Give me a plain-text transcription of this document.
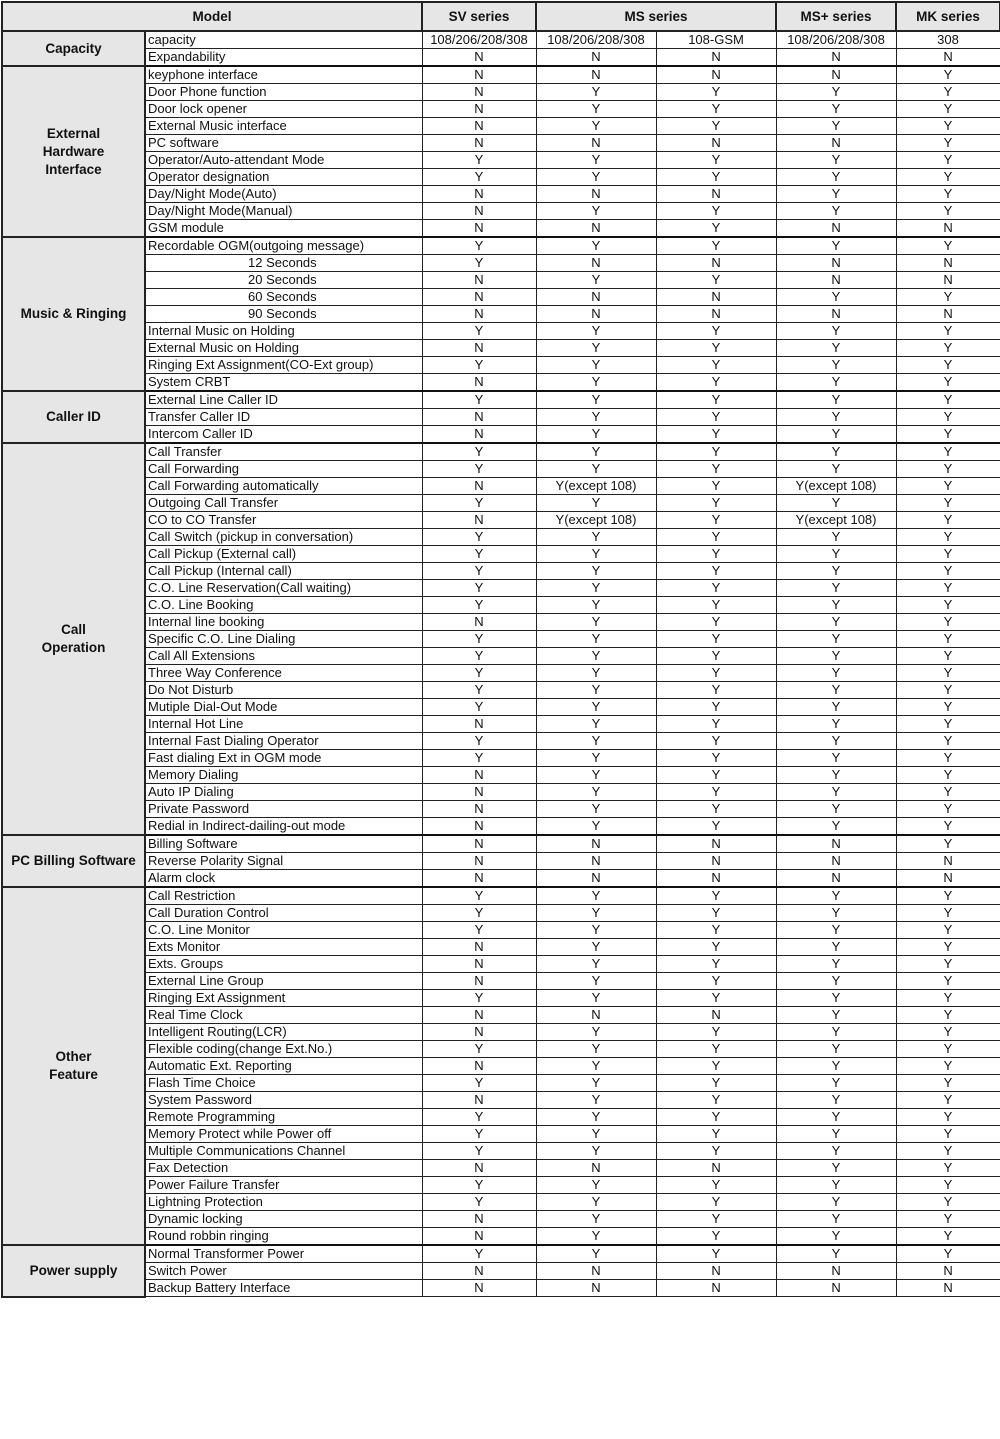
Model		SV series	MS series		MS+ series	MK series
Capacity	capacity	108/206/208/308	108/206/208/308	108-GSM	108/206/208/308	308
	Expandability	N	N	N	N	N
External Hardware Interface	keyphone interface	N	N	N	N	Y
	Door Phone function	N	Y	Y	Y	Y
	Door lock opener	N	Y	Y	Y	Y
	External Music interface	N	Y	Y	Y	Y
	PC software	N	N	N	N	Y
	Operator/Auto-attendant Mode	Y	Y	Y	Y	Y
	Operator designation	Y	Y	Y	Y	Y
	Day/Night Mode(Auto)	N	N	N	Y	Y
	Day/Night Mode(Manual)	N	Y	Y	Y	Y
	GSM module	N	N	Y	N	N
Music & Ringing	Recordable OGM(outgoing message)	Y	Y	Y	Y	Y
	12 Seconds	Y	N	N	N	N
	20 Seconds	N	Y	Y	N	N
	60 Seconds	N	N	N	Y	Y
	90 Seconds	N	N	N	N	N
	Internal Music on Holding	Y	Y	Y	Y	Y
	External Music on Holding	N	Y	Y	Y	Y
	Ringing Ext Assignment(CO-Ext group)	Y	Y	Y	Y	Y
	System CRBT	N	Y	Y	Y	Y
Caller ID	External Line Caller ID	Y	Y	Y	Y	Y
	Transfer Caller ID	N	Y	Y	Y	Y
	Intercom Caller ID	N	Y	Y	Y	Y
Call Operation	Call Transfer	Y	Y	Y	Y	Y
	Call Forwarding	Y	Y	Y	Y	Y
	Call Forwarding automatically	N	Y(except 108)	Y	Y(except 108)	Y
	Outgoing Call Transfer	Y	Y	Y	Y	Y
	CO to CO Transfer	N	Y(except 108)	Y	Y(except 108)	Y
	Call Switch (pickup in conversation)	Y	Y	Y	Y	Y
	Call Pickup (External call)	Y	Y	Y	Y	Y
	Call Pickup (Internal call)	Y	Y	Y	Y	Y
	C.O. Line Reservation(Call waiting)	Y	Y	Y	Y	Y
	C.O. Line Booking	Y	Y	Y	Y	Y
	Internal line booking	N	Y	Y	Y	Y
	Specific C.O. Line Dialing	Y	Y	Y	Y	Y
	Call All Extensions	Y	Y	Y	Y	Y
	Three Way Conference	Y	Y	Y	Y	Y
	Do Not Disturb	Y	Y	Y	Y	Y
	Mutiple Dial-Out Mode	Y	Y	Y	Y	Y
	Internal Hot Line	N	Y	Y	Y	Y
	Internal Fast Dialing Operator	Y	Y	Y	Y	Y
	Fast dialing Ext in OGM mode	Y	Y	Y	Y	Y
	Memory Dialing	N	Y	Y	Y	Y
	Auto IP Dialing	N	Y	Y	Y	Y
	Private Password	N	Y	Y	Y	Y
	Redial in Indirect-dailing-out mode	N	Y	Y	Y	Y
PC Billing Software	Billing Software	N	N	N	N	Y
	Reverse Polarity Signal	N	N	N	N	N
	Alarm clock	N	N	N	N	N
Other Feature	Call Restriction	Y	Y	Y	Y	Y
	Call Duration Control	Y	Y	Y	Y	Y
	C.O. Line Monitor	Y	Y	Y	Y	Y
	Exts Monitor	N	Y	Y	Y	Y
	Exts. Groups	N	Y	Y	Y	Y
	External Line Group	N	Y	Y	Y	Y
	Ringing Ext Assignment	Y	Y	Y	Y	Y
	Real Time Clock	N	N	N	Y	Y
	Intelligent Routing(LCR)	N	Y	Y	Y	Y
	Flexible coding(change Ext.No.)	Y	Y	Y	Y	Y
	Automatic Ext. Reporting	N	Y	Y	Y	Y
	Flash Time Choice	Y	Y	Y	Y	Y
	System Password	N	Y	Y	Y	Y
	Remote Programming	Y	Y	Y	Y	Y
	Memory Protect while Power off	Y	Y	Y	Y	Y
	Multiple Communications Channel	Y	Y	Y	Y	Y
	Fax Detection	N	N	N	Y	Y
	Power Failure Transfer	Y	Y	Y	Y	Y
	Lightning Protection	Y	Y	Y	Y	Y
	Dynamic locking	N	Y	Y	Y	Y
	Round robbin ringing	N	Y	Y	Y	Y
Power supply	Normal Transformer Power	Y	Y	Y	Y	Y
	Switch Power	N	N	N	N	N
	Backup Battery Interface	N	N	N	N	N
